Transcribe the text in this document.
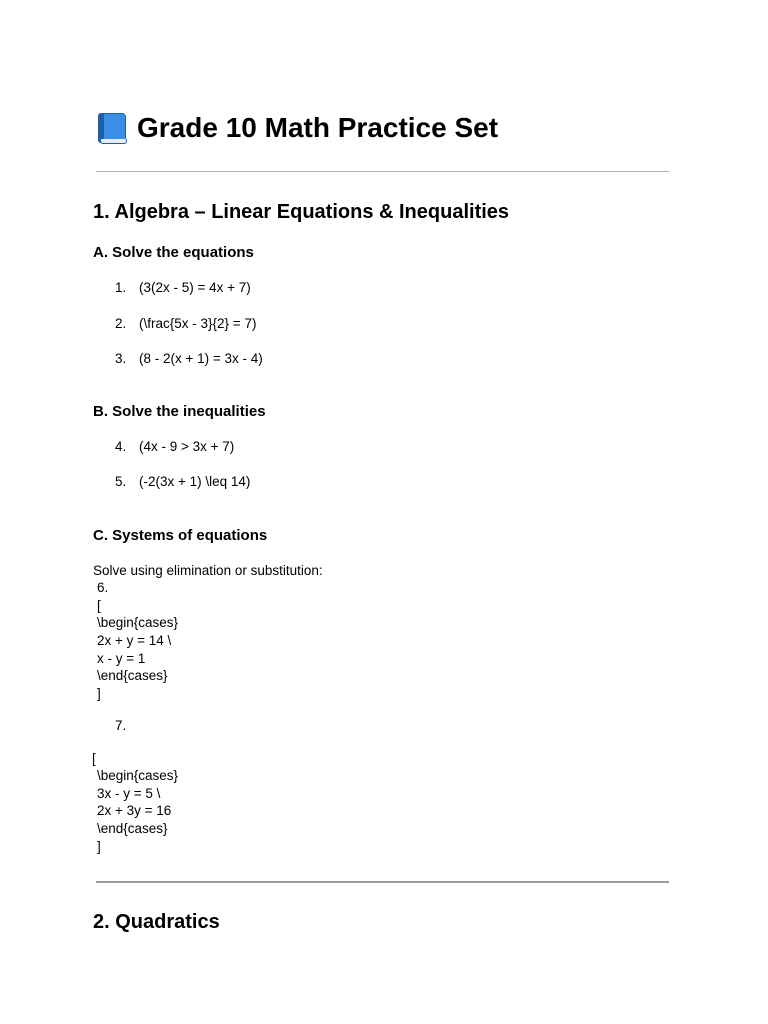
Grade 10 Math Practice Set
1. Algebra – Linear Equations & Inequalities
A. Solve the equations
1. (3(2x - 5) = 4x + 7)
2. (\frac{5x - 3}{2} = 7)
3. (8 - 2(x + 1) = 3x - 4)
B. Solve the inequalities
4. (4x - 9 > 3x + 7)
5. (-2(3x + 1) \leq 14)
C. Systems of equations
Solve using elimination or substitution:
6.
[
\begin{cases}
2x + y = 14 \
x - y = 1
\end{cases}
]
7.
[
\begin{cases}
3x - y = 5 \
2x + 3y = 16
\end{cases}
]
2. Quadratics
